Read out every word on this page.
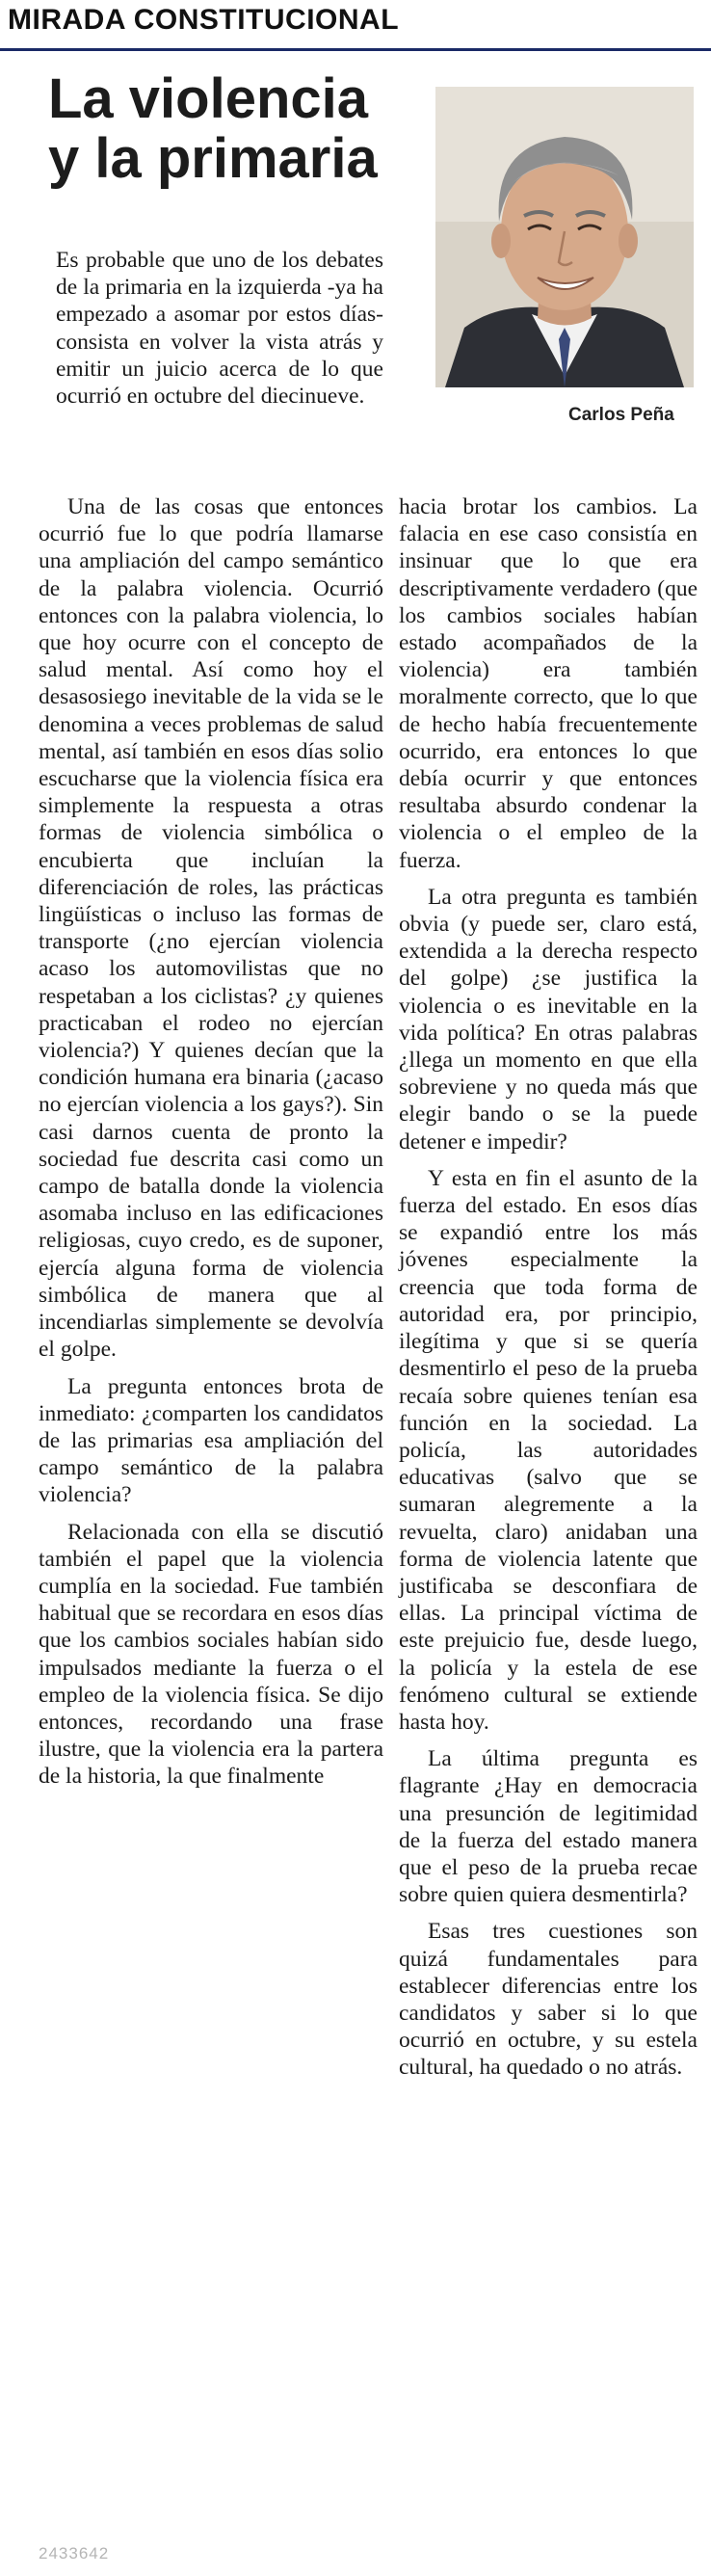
MIRADA CONSTITUCIONAL
La violencia
y la primaria
Carlos Peña

Es probable que uno de los debates de la primaria en la izquierda -ya ha empezado a asomar por estos días- consista en volver la vista atrás y emitir un juicio acerca de lo que ocurrió en octubre del diecinueve.

Una de las cosas que entonces ocurrió fue lo que podría llamarse una ampliación del campo semántico de la palabra violencia. Ocurrió entonces con la palabra violencia, lo que hoy ocurre con el concepto de salud mental. Así como hoy el desasosiego inevitable de la vida se le denomina a veces problemas de salud mental, así también en esos días solio escucharse que la violencia física era simplemente la respuesta a otras formas de violencia simbólica o encubierta que incluían la diferenciación de roles, las prácticas lingüísticas o incluso las formas de transporte (¿no ejercían violencia acaso los automovilistas que no respetaban a los ciclistas? ¿y quienes practicaban el rodeo no ejercían violencia?) Y quienes decían que la condición humana era binaria (¿acaso no ejercían violencia a los gays?). Sin casi darnos cuenta de pronto la sociedad fue descrita casi como un campo de batalla donde la violencia asomaba incluso en las edificaciones religiosas, cuyo credo, es de suponer, ejercía alguna forma de violencia simbólica de manera que al incendiarlas simplemente se devolvía el golpe.

La pregunta entonces brota de inmediato: ¿comparten los candidatos de las primarias esa ampliación del campo semántico de la palabra violencia?

Relacionada con ella se discutió también el papel que la violencia cumplía en la sociedad. Fue también habitual que se recordara en esos días que los cambios sociales habían sido impulsados mediante la fuerza o el empleo de la violencia física. Se dijo entonces, recordando una frase ilustre, que la violencia era la partera de la historia, la que finalmente

hacia brotar los cambios. La falacia en ese caso consistía en insinuar que lo que era descriptivamente verdadero (que los cambios sociales habían estado acompañados de la violencia) era también moralmente correcto, que lo que de hecho había frecuentemente ocurrido, era entonces lo que debía ocurrir y que entonces resultaba absurdo condenar la violencia o el empleo de la fuerza.

La otra pregunta es también obvia (y puede ser, claro está, extendida a la derecha respecto del golpe) ¿se justifica la violencia o es inevitable en la vida política? En otras palabras ¿llega un momento en que ella sobreviene y no queda más que elegir bando o se la puede detener e impedir?

Y esta en fin el asunto de la fuerza del estado. En esos días se expandió entre los más jóvenes especialmente la creencia que toda forma de autoridad era, por principio, ilegítima y que si se quería desmentirlo el peso de la prueba recaía sobre quienes tenían esa función en la sociedad. La policía, las autoridades educativas (salvo que se sumaran alegremente a la revuelta, claro) anidaban una forma de violencia latente que justificaba se desconfiara de ellas. La principal víctima de este prejuicio fue, desde luego, la policía y la estela de ese fenómeno cultural se extiende hasta hoy.

La última pregunta es flagrante ¿Hay en democracia una presunción de legitimidad de la fuerza del estado manera que el peso de la prueba recae sobre quien quiera desmentirla?

Esas tres cuestiones son quizá fundamentales para establecer diferencias entre los candidatos y saber si lo que ocurrió en octubre, y su estela cultural, ha quedado o no atrás.

2433642
